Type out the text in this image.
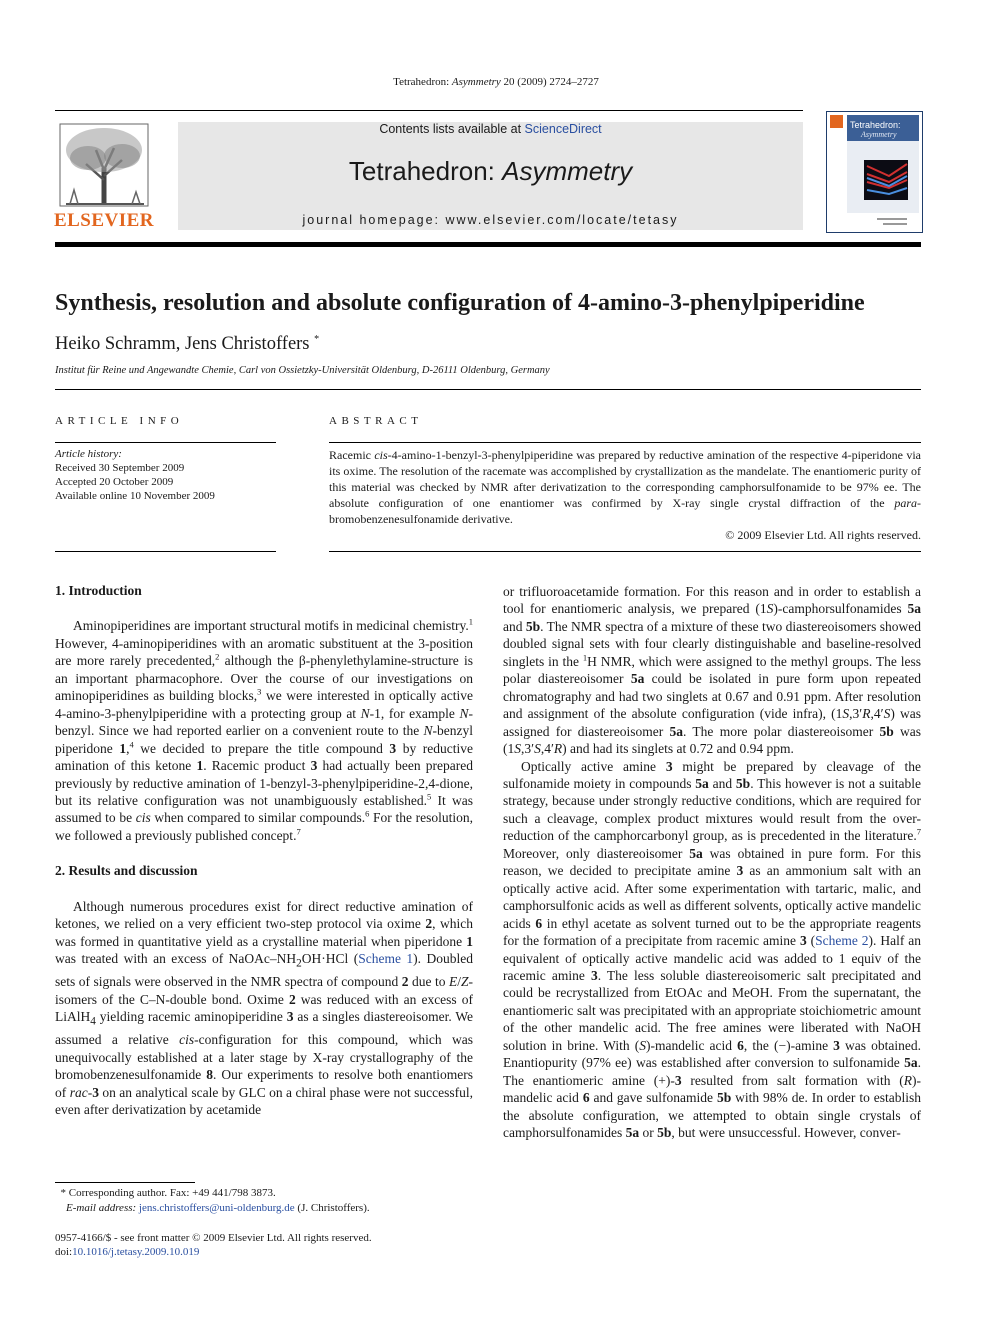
Tetrahedron: Asymmetry 20 (2009) 2724–2727
ELSEVIER
Contents lists available at ScienceDirect
Tetrahedron: Asymmetry
journal homepage: www.elsevier.com/locate/tetasy
Tetrahedron:
Asymmetry
Synthesis, resolution and absolute configuration of 4-amino-3-phenylpiperidine
Heiko Schramm, Jens Christoffers *
Institut für Reine und Angewandte Chemie, Carl von Ossietzky-Universität Oldenburg, D-26111 Oldenburg, Germany
ARTICLE INFO	ABSTRACT
Article history:
Received 30 September 2009
Accepted 20 October 2009
Available online 10 November 2009
Racemic cis-4-amino-1-benzyl-3-phenylpiperidine was prepared by reductive amination of the respective 4-piperidone via its oxime. The resolution of the racemate was accomplished by crystallization as the mandelate. The enantiomeric purity of this material was checked by NMR after derivatization to the corresponding camphorsulfonamide to be 97% ee. The absolute configuration of one enantiomer was confirmed by X-ray single crystal diffraction of the para-bromobenzenesulfonamide derivative.
© 2009 Elsevier Ltd. All rights reserved.
1. Introduction

Aminopiperidines are important structural motifs in medicinal chemistry.$^1$ However, 4-aminopiperidines with an aromatic substituent at the 3-position are more rarely precedented,$^2$ although the β-phenylethylamine-structure is an important pharmacophore. Over the course of our investigations on aminopiperidines as building blocks,$^3$ we were interested in optically active 4-amino-3-phenylpiperidine with a protecting group at N-1, for example N-benzyl. Since we had reported earlier on a convenient route to the N-benzyl piperidone 1,$^4$ we decided to prepare the title compound 3 by reductive amination of this ketone 1. Racemic product 3 had actually been prepared previously by reductive amination of 1-benzyl-3-phenylpiperidine-2,4-dione, but its relative configuration was not unambiguously established.$^5$ It was assumed to be cis when compared to similar compounds.$^6$ For the resolution, we followed a previously published concept.$^7$

2. Results and discussion

Although numerous procedures exist for direct reductive amination of ketones, we relied on a very efficient two-step protocol via oxime 2, which was formed in quantitative yield as a crystalline material when piperidone 1 was treated with an excess of NaOAc–$NH_2OH\cdot HCl$ (Scheme 1). Doubled sets of signals were observed in the NMR spectra of compound 2 due to E/Z-isomers of the C–N-double bond. Oxime 2 was reduced with an excess of LiAlH$_4$ yielding racemic aminopiperidine 3 as a singles diastereoisomer. We assumed a relative cis-configuration for this compound, which was unequivocally established at a later stage by X-ray crystallography of the bromobenzenesulfonamide 8. Our experiments to resolve both enantiomers of rac-3 on an analytical scale by GLC on a chiral phase were not successful, even after derivatization by acetamide

or trifluoroacetamide formation. For this reason and in order to establish a tool for enantiomeric analysis, we prepared (1S)-camphorsulfonamides 5a and 5b. The NMR spectra of a mixture of these two diastereoisomers showed doubled signal sets with four clearly distinguishable and baseline-resolved singlets in the $^1$H NMR, which were assigned to the methyl groups. The less polar diastereoisomer 5a could be isolated in pure form upon repeated chromatography and had two singlets at 0.67 and 0.91 ppm. After resolution and assignment of the absolute configuration (vide infra), (1S,3′R,4′S) was assigned for diastereoisomer 5a. The more polar diastereoisomer 5b was (1S,3′S,4′R) and had its singlets at 0.72 and 0.94 ppm.

Optically active amine 3 might be prepared by cleavage of the sulfonamide moiety in compounds 5a and 5b. This however is not a suitable strategy, because under strongly reductive conditions, which are required for such a cleavage, complex product mixtures would result from the over-reduction of the camphorcarbonyl group, as is precedented in the literature.$^7$ Moreover, only diastereoisomer 5a was obtained in pure form. For this reason, we decided to precipitate amine 3 as an ammonium salt with an optically active acid. After some experimentation with tartaric, malic, and camphorsulfonic acids as well as different solvents, optically active mandelic acids 6 in ethyl acetate as solvent turned out to be the appropriate reagents for the formation of a precipitate from racemic amine 3 (Scheme 2). Half an equivalent of optically active mandelic acid was added to 1 equiv of the racemic amine 3. The less soluble diastereoisomeric salt precipitated and could be recrystallized from EtOAc and MeOH. From the supernatant, the enantiomeric salt was precipitated with an appropriate stoichiometric amount of the other mandelic acid. The free amines were liberated with NaOH solution in brine. With (S)-mandelic acid 6, the (−)-amine 3 was obtained. Enantiopurity (97% ee) was established after conversion to sulfonamide 5a. The enantiomeric amine (+)-3 resulted from salt formation with (R)-mandelic acid 6 and gave sulfonamide 5b with 98% de. In order to establish the absolute configuration, we attempted to obtain single crystals of camphorsulfonamides 5a or 5b, but were unsuccessful. However, conver-

* Corresponding author. Fax: +49 441/798 3873.
E-mail address: jens.christoffers@uni-oldenburg.de (J. Christoffers).
0957-4166/$ - see front matter © 2009 Elsevier Ltd. All rights reserved.
doi:10.1016/j.tetasy.2009.10.019
